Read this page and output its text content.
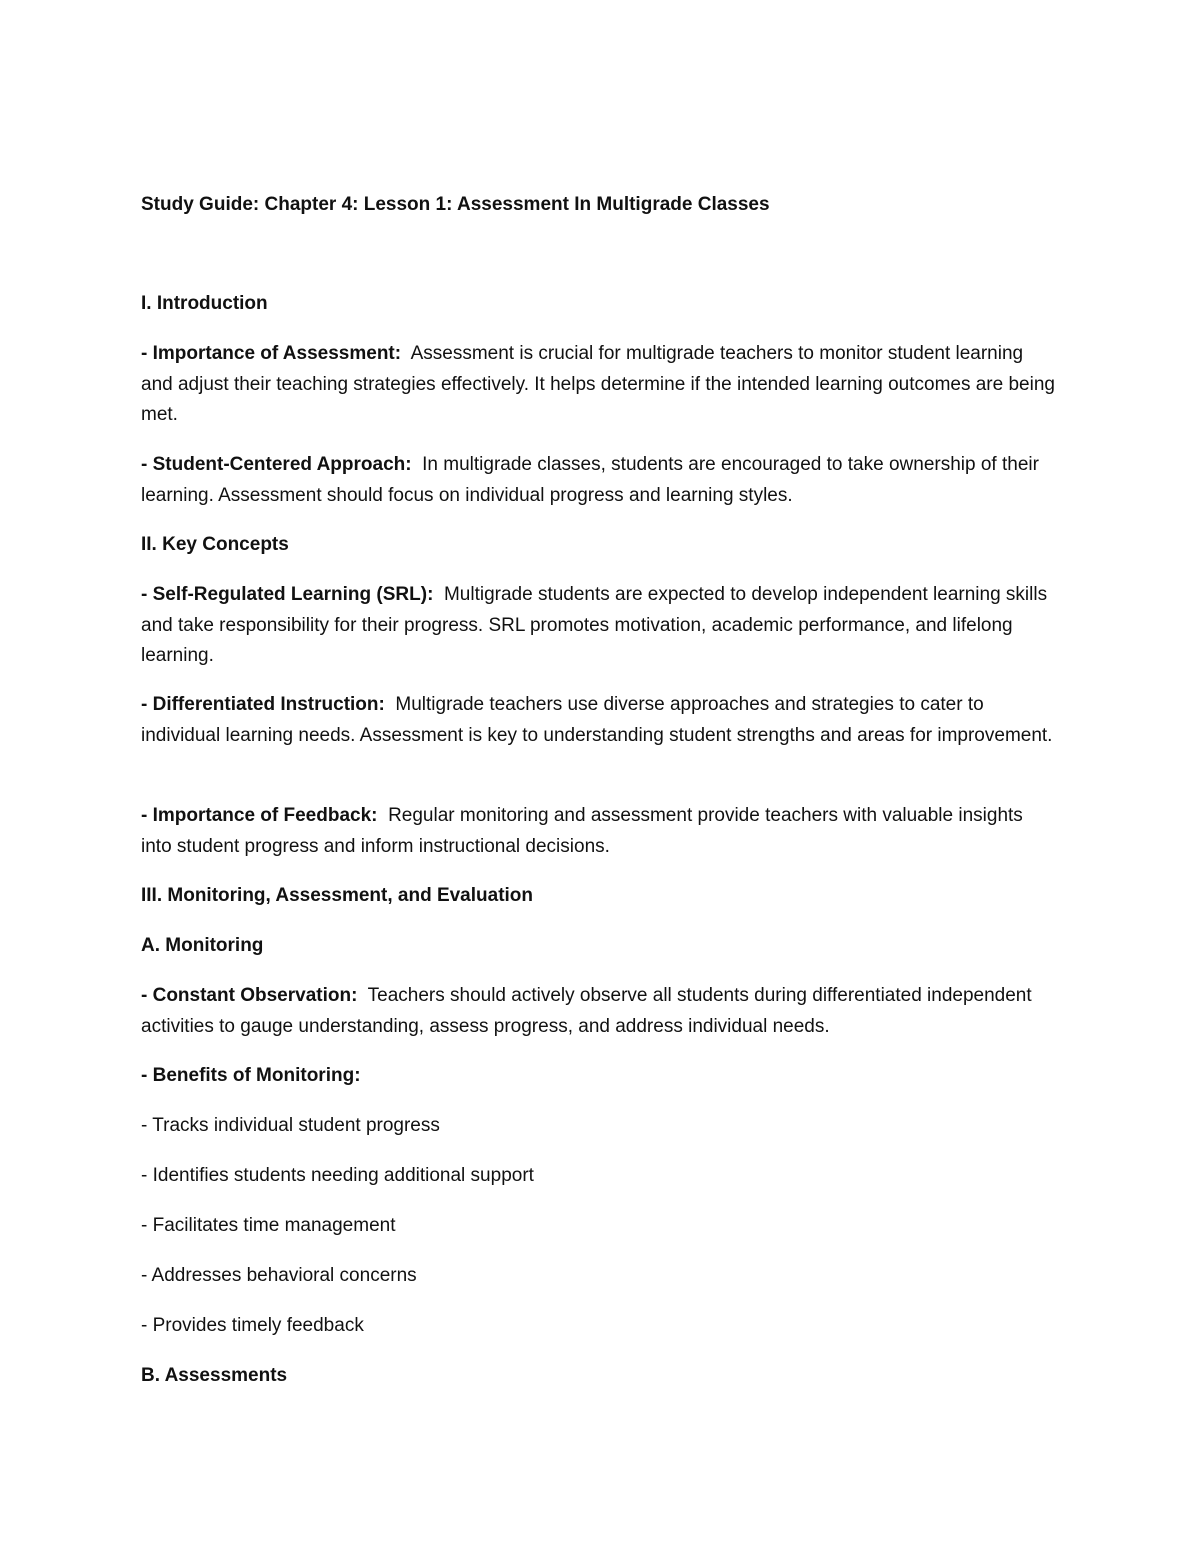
Study Guide: Chapter 4: Lesson 1: Assessment In Multigrade Classes
I. Introduction
- Importance of Assessment: Assessment is crucial for multigrade teachers to monitor student learning and adjust their teaching strategies effectively. It helps determine if the intended learning outcomes are being met.
- Student-Centered Approach: In multigrade classes, students are encouraged to take ownership of their learning. Assessment should focus on individual progress and learning styles.
II. Key Concepts
- Self-Regulated Learning (SRL): Multigrade students are expected to develop independent learning skills and take responsibility for their progress. SRL promotes motivation, academic performance, and lifelong learning.
- Differentiated Instruction: Multigrade teachers use diverse approaches and strategies to cater to individual learning needs. Assessment is key to understanding student strengths and areas for improvement.
- Importance of Feedback: Regular monitoring and assessment provide teachers with valuable insights into student progress and inform instructional decisions.
III. Monitoring, Assessment, and Evaluation
A. Monitoring
- Constant Observation: Teachers should actively observe all students during differentiated independent activities to gauge understanding, assess progress, and address individual needs.
- Benefits of Monitoring:
- Tracks individual student progress
- Identifies students needing additional support
- Facilitates time management
- Addresses behavioral concerns
- Provides timely feedback
B. Assessments
